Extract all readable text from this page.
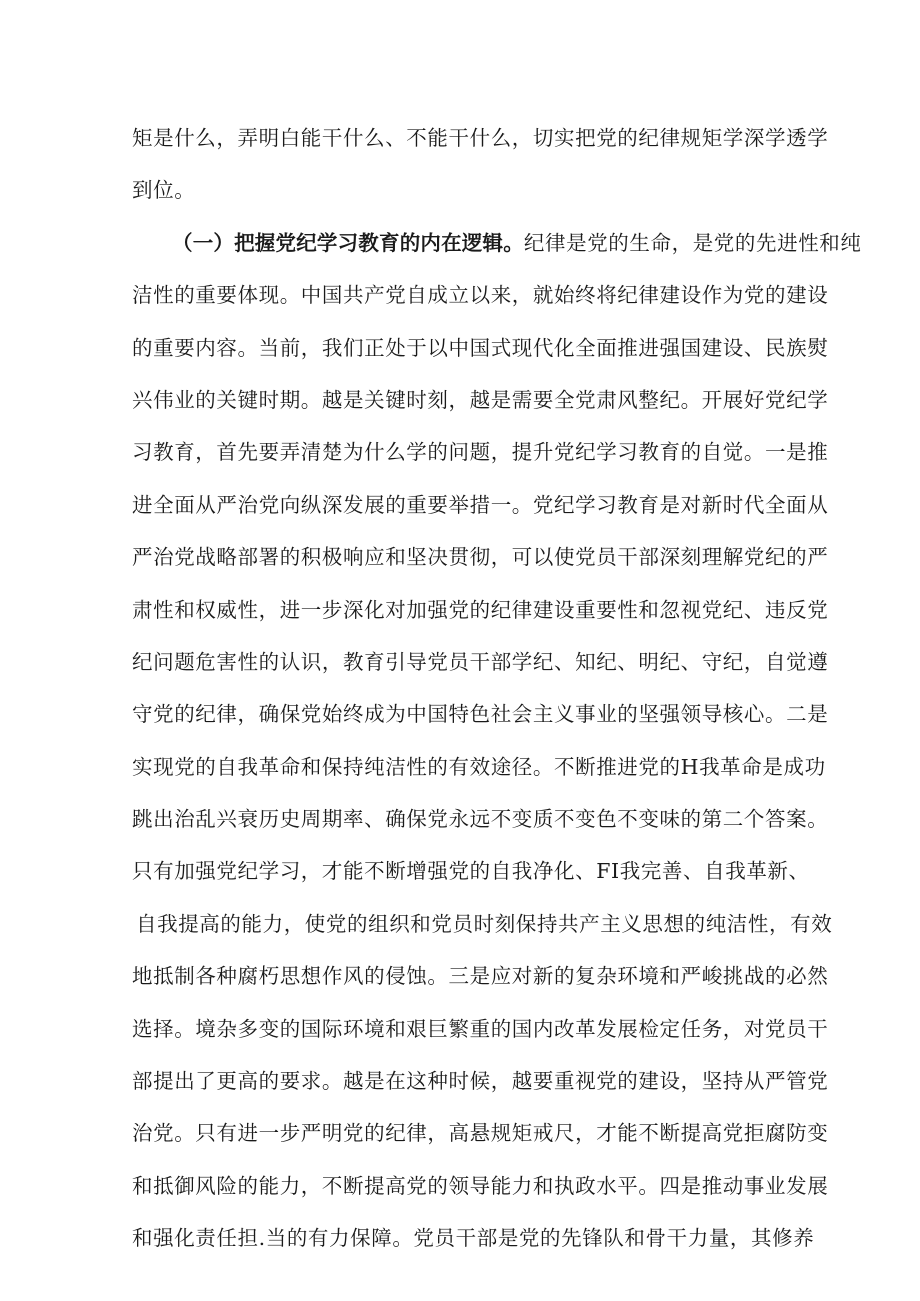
矩是什么，弄明白能干什么、不能干什么，切实把党的纪律规矩学深学透学
到位。
（一）把握党纪学习教育的内在逻辑。纪律是党的生命，是党的先进性和纯
洁性的重要体现。中国共产党自成立以来，就始终将纪律建设作为党的建设
的重要内容。当前，我们正处于以中国式现代化全面推进强国建设、民族熨
兴伟业的关键时期。越是关键时刻，越是需要全党肃风整纪。开展好党纪学
习教育，首先要弄清楚为什么学的问题，提升党纪学习教育的自觉。一是推
进全面从严治党向纵深发展的重要举措一。党纪学习教育是对新时代全面从
严治党战略部署的积极响应和坚决贯彻，可以使党员干部深刻理解党纪的严
肃性和权威性，进一步深化对加强党的纪律建设重要性和忽视党纪、违反党
纪问题危害性的认识，教育引导党员干部学纪、知纪、明纪、守纪，自觉遵
守党的纪律，确保党始终成为中国特色社会主义事业的坚强领导核心。二是
实现党的自我革命和保持纯洁性的有效途径。不断推进党的H我革命是成功
跳出治乱兴衰历史周期率、确保党永远不变质不变色不变味的第二个答案。
只有加强党纪学习，才能不断增强党的自我净化、FI我完善、自我革新、
自我提高的能力，使党的组织和党员时刻保持共产主义思想的纯洁性，有效
地抵制各种腐朽思想作风的侵蚀。三是应对新的复杂环境和严峻挑战的必然
选择。境杂多变的国际环境和艰巨繁重的国内改革发展检定任务，对党员干
部提出了更高的要求。越是在这种时候，越要重视党的建设，坚持从严管党
治党。只有进一步严明党的纪律，高悬规矩戒尺，才能不断提高党拒腐防变
和抵御风险的能力，不断提高党的领导能力和执政水平。四是推动事业发展
和强化责任担.当的有力保障。党员干部是党的先锋队和骨干力量，其修养
